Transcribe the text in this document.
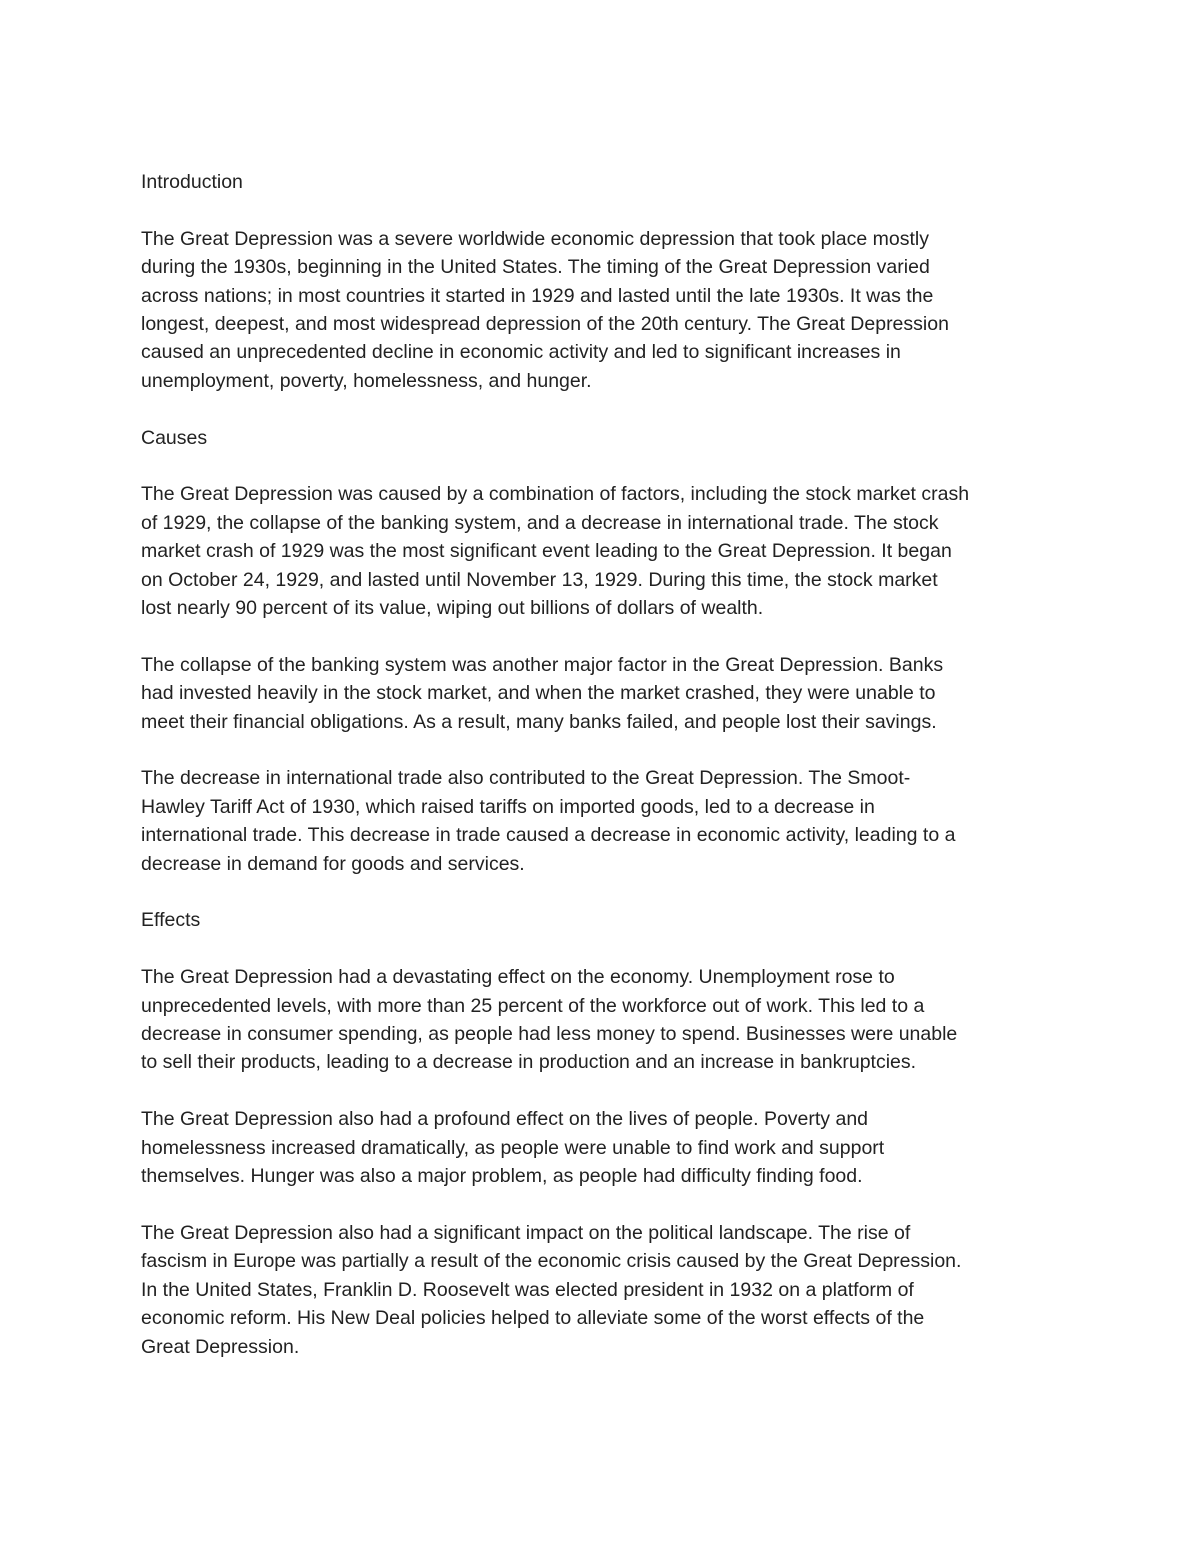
Introduction

The Great Depression was a severe worldwide economic depression that took place mostly
during the 1930s, beginning in the United States. The timing of the Great Depression varied
across nations; in most countries it started in 1929 and lasted until the late 1930s. It was the
longest, deepest, and most widespread depression of the 20th century. The Great Depression
caused an unprecedented decline in economic activity and led to significant increases in
unemployment, poverty, homelessness, and hunger.

Causes

The Great Depression was caused by a combination of factors, including the stock market crash
of 1929, the collapse of the banking system, and a decrease in international trade. The stock
market crash of 1929 was the most significant event leading to the Great Depression. It began
on October 24, 1929, and lasted until November 13, 1929. During this time, the stock market
lost nearly 90 percent of its value, wiping out billions of dollars of wealth.

The collapse of the banking system was another major factor in the Great Depression. Banks
had invested heavily in the stock market, and when the market crashed, they were unable to
meet their financial obligations. As a result, many banks failed, and people lost their savings.

The decrease in international trade also contributed to the Great Depression. The Smoot-
Hawley Tariff Act of 1930, which raised tariffs on imported goods, led to a decrease in
international trade. This decrease in trade caused a decrease in economic activity, leading to a
decrease in demand for goods and services.

Effects

The Great Depression had a devastating effect on the economy. Unemployment rose to
unprecedented levels, with more than 25 percent of the workforce out of work. This led to a
decrease in consumer spending, as people had less money to spend. Businesses were unable
to sell their products, leading to a decrease in production and an increase in bankruptcies.

The Great Depression also had a profound effect on the lives of people. Poverty and
homelessness increased dramatically, as people were unable to find work and support
themselves. Hunger was also a major problem, as people had difficulty finding food.

The Great Depression also had a significant impact on the political landscape. The rise of
fascism in Europe was partially a result of the economic crisis caused by the Great Depression.
In the United States, Franklin D. Roosevelt was elected president in 1932 on a platform of
economic reform. His New Deal policies helped to alleviate some of the worst effects of the
Great Depression.
